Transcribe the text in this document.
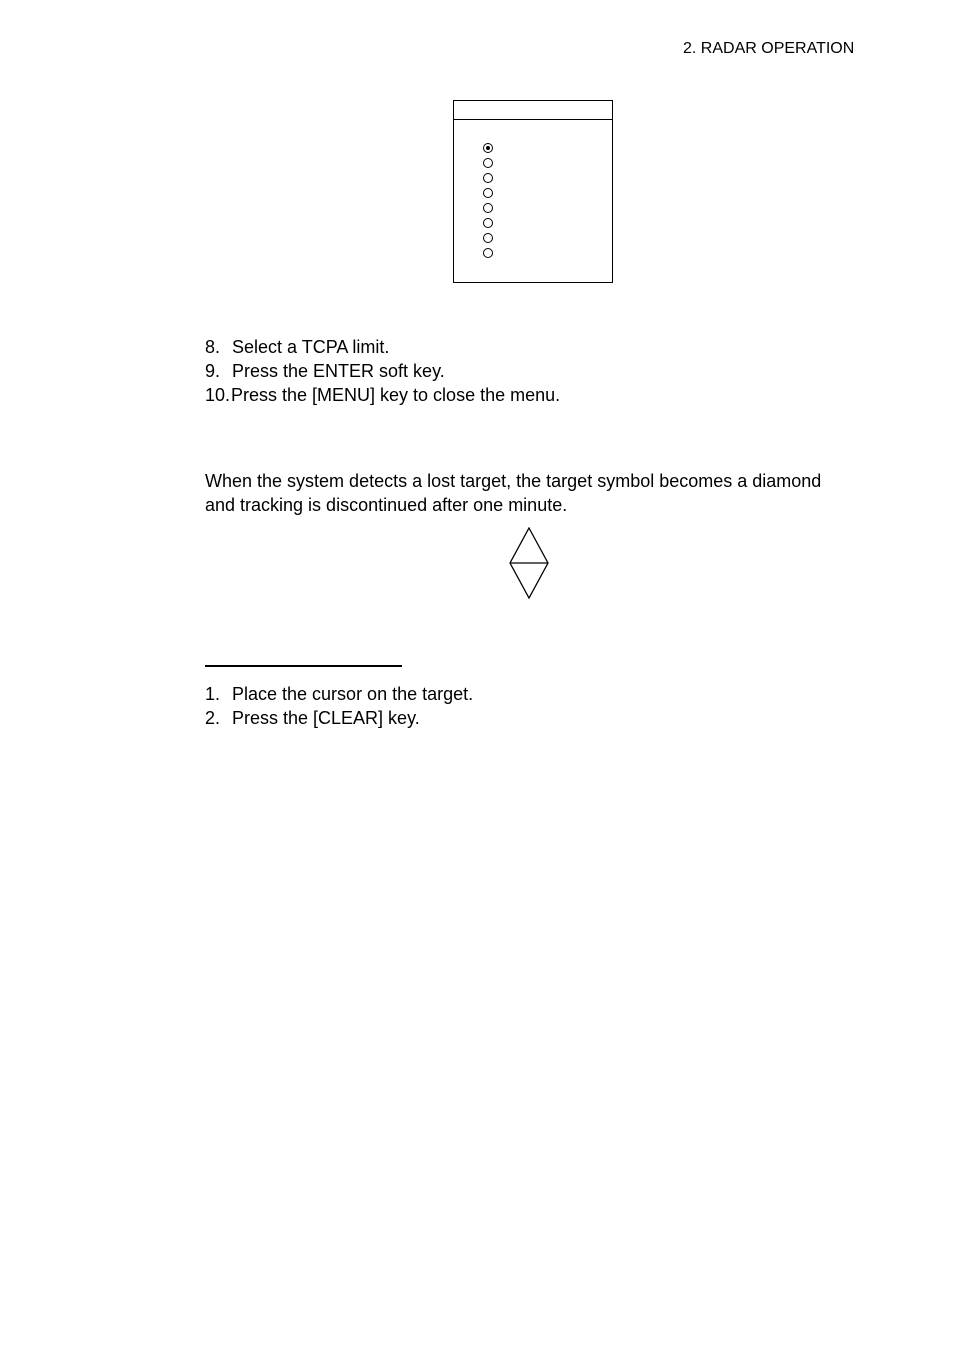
2. RADAR OPERATION
8. Select a TCPA limit.
9. Press the ENTER soft key.
10. Press the [MENU] key to close the menu.
When the system detects a lost target, the target symbol becomes a diamond
and tracking is discontinued after one minute.
1. Place the cursor on the target.
2. Press the [CLEAR] key.
